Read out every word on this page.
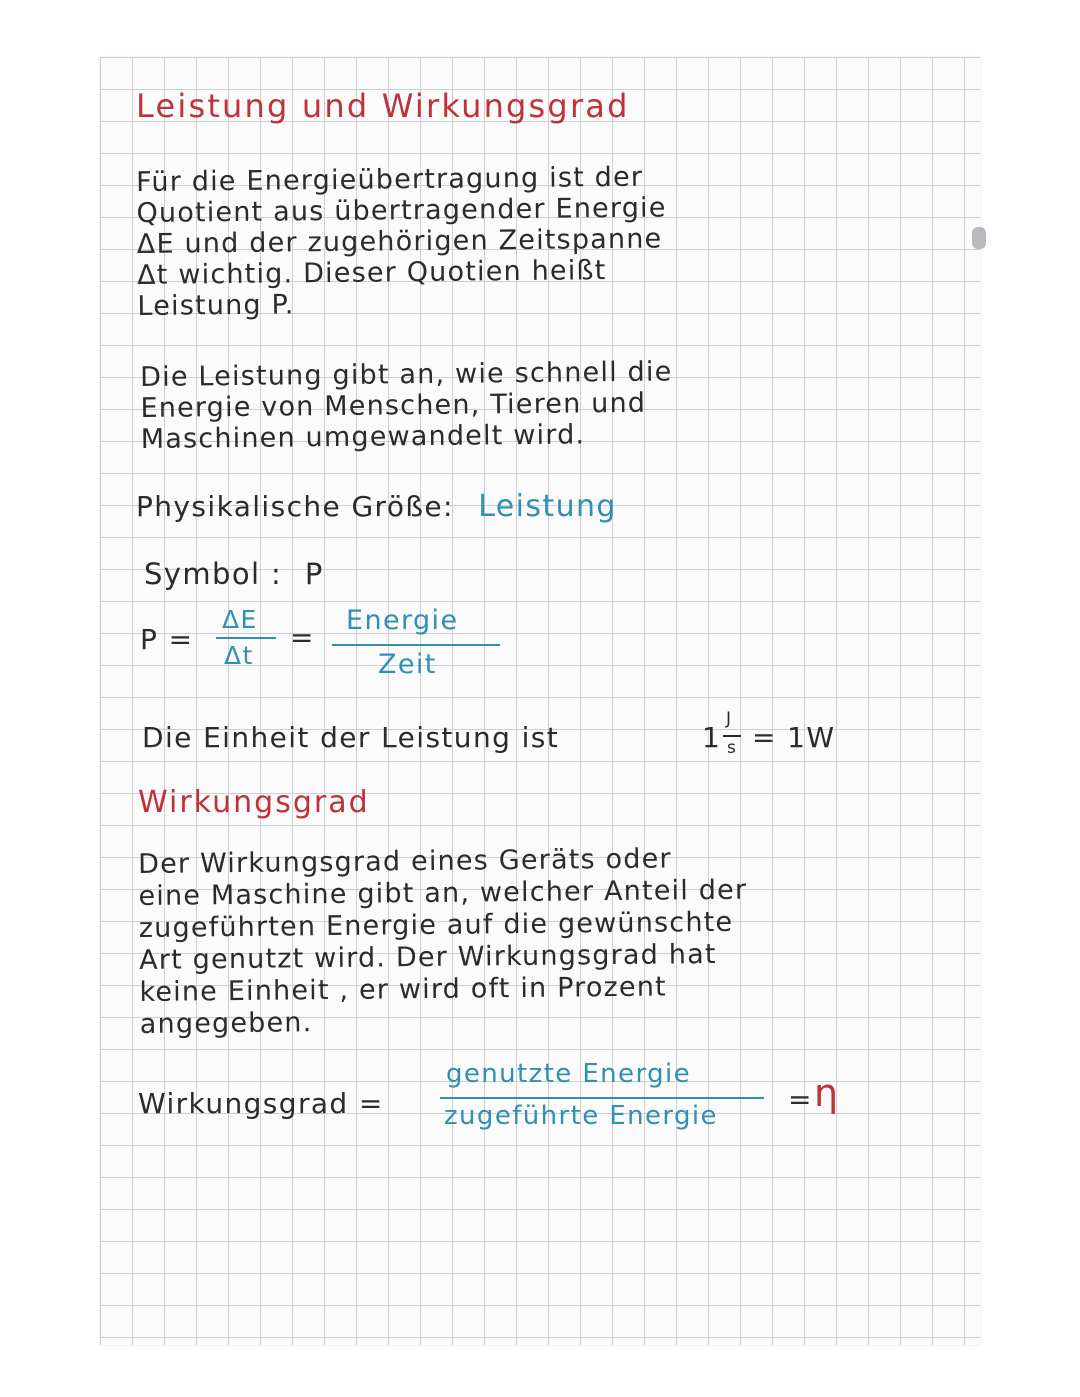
Leistung und Wirkungsgrad
Für die Energieübertragung ist der
Quotient aus übertragender Energie
ΔE und der zugehörigen Zeitspanne
Δt wichtig. Dieser Quotien heißt
Leistung P.
Die Leistung gibt an, wie schnell die
Energie von Menschen, Tieren und
Maschinen umgewandelt wird.
Physikalische Größe: Leistung
Symbol : P
P =
ΔE
Δt
=
Energie
Zeit
Die Einheit der Leistung ist	1
J
s = 1W
Wirkungsgrad
Der Wirkungsgrad eines Geräts oder
eine Maschine gibt an, welcher Anteil der
zugeführten Energie auf die gewünschte
Art genutzt wird. Der Wirkungsgrad hat
keine Einheit , er wird oft in Prozent
angegeben.
Wirkungsgrad =
genutzte Energie
zugeführte Energie	= η
